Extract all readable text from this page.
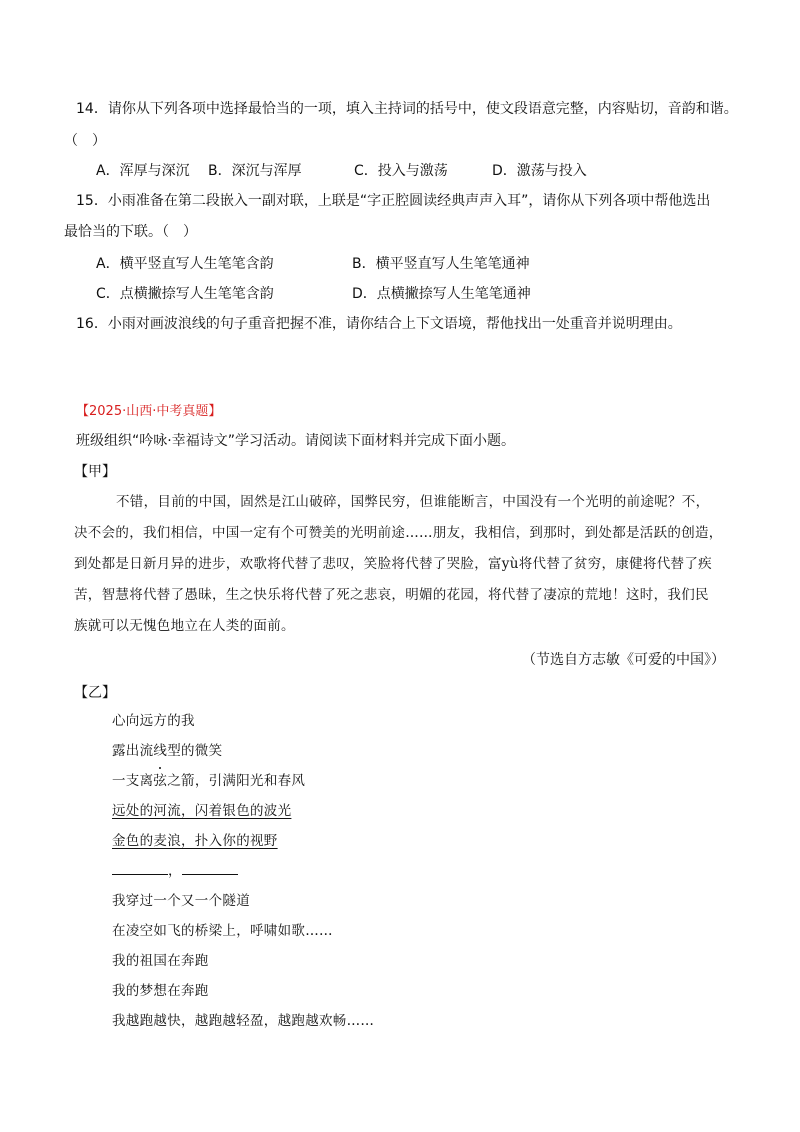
14．请你从下列各项中选择最恰当的一项，填入主持词的括号中，使文段语意完整，内容贴切，音韵和谐。
（　）
A．浑厚与深沉 B．深沉与浑厚	C．投入与激荡	D．激荡与投入
15．小雨准备在第二段嵌入一副对联，上联是“字正腔圆读经典声声入耳”，请你从下列各项中帮他选出
最恰当的下联。（　）
A．横平竖直写人生笔笔含韵	B．横平竖直写人生笔笔通神
C．点横撇捺写人生笔笔含韵	D．点横撇捺写人生笔笔通神
16．小雨对画波浪线的句子重音把握不准，请你结合上下文语境，帮他找出一处重音并说明理由。
【2025·山西·中考真题】
班级组织“吟咏·幸福诗文”学习活动。请阅读下面材料并完成下面小题。
【甲】
不错，目前的中国，固然是江山破碎，国弊民穷，但谁能断言，中国没有一个光明的前途呢？不，
决不会的，我们相信，中国一定有个可赞美的光明前途……朋友，我相信，到那时，到处都是活跃的创造，
到处都是日新月异的进步，欢歌将代替了悲叹，笑脸将代替了哭脸，富yù将代替了贫穷，康健将代替了疾
苦，智慧将代替了愚昧，生之快乐将代替了死之悲哀，明媚的花园，将代替了凄凉的荒地！这时，我们民
族就可以无愧色地立在人类的面前。
（节选自方志敏《可爱的中国》）
【乙】
心向远方的我
露出流线型的微笑
一支离弦之箭，引满阳光和春风
远处的河流，闪着银色的波光
金色的麦浪，扑入你的视野
，
我穿过一个又一个隧道
在凌空如飞的桥梁上，呼啸如歌……
我的祖国在奔跑
我的梦想在奔跑
我越跑越快，越跑越轻盈，越跑越欢畅……
